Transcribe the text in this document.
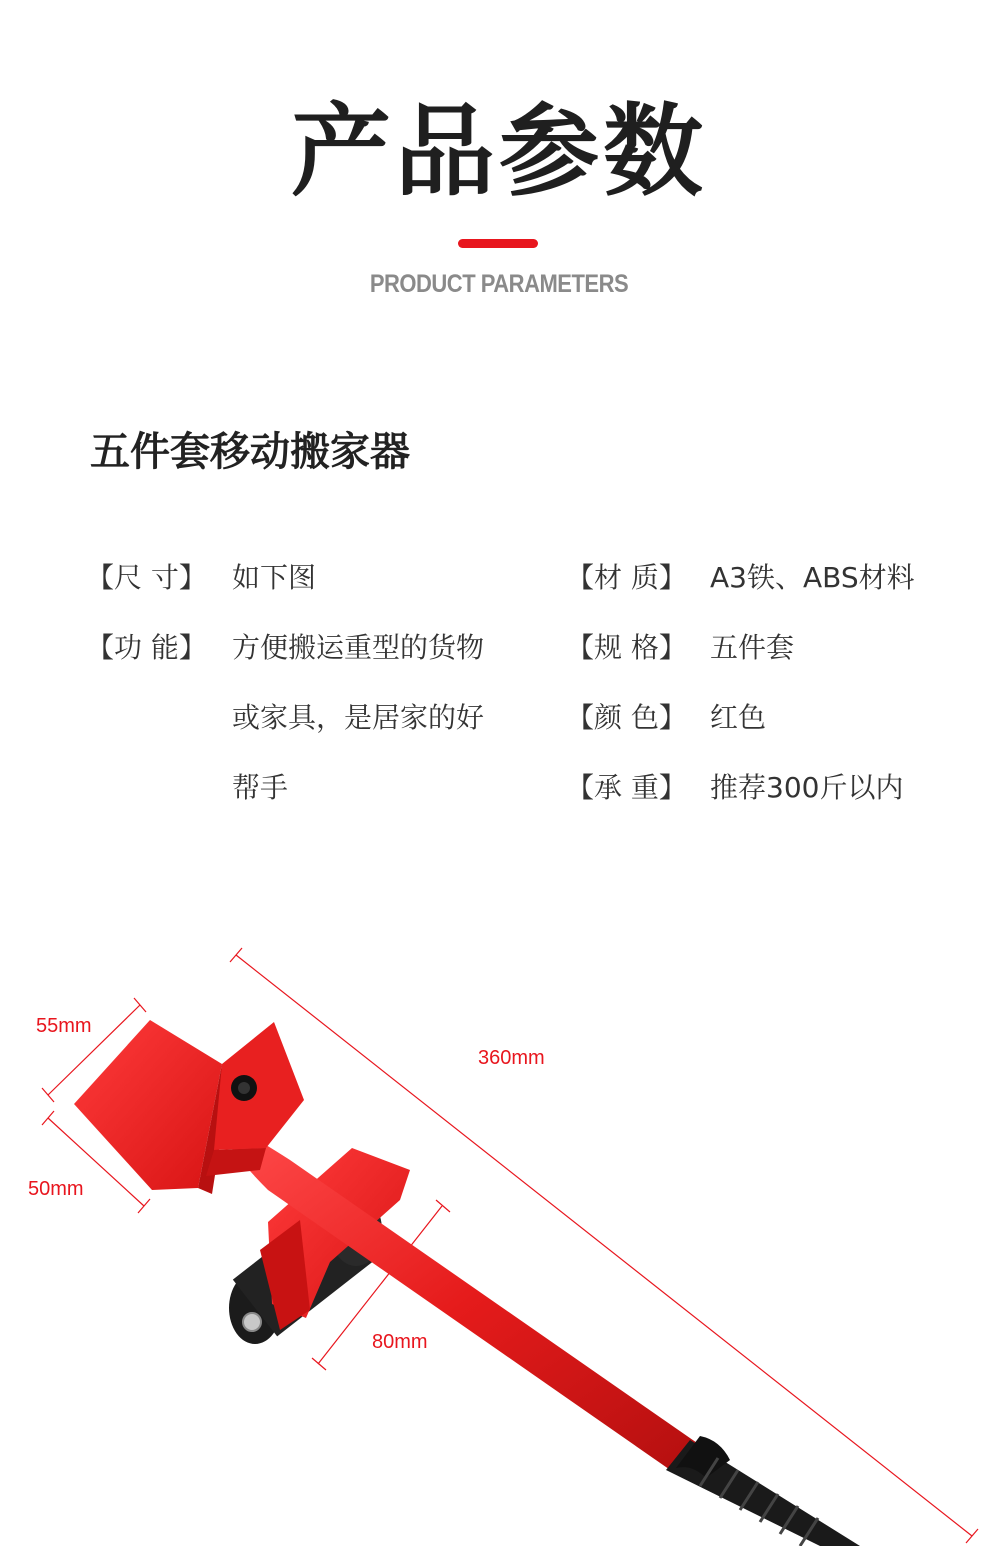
产品参数
PRODUCT PARAMETERS
五件套移动搬家器
【尺 寸】 如下图
【功 能】 方便搬运重型的货物
或家具，是居家的好
帮手
【材 质】 A3铁、ABS材料
【规 格】 五件套
【颜 色】 红色
【承 重】 推荐300斤以内
360mm
55mm
50mm
80mm
